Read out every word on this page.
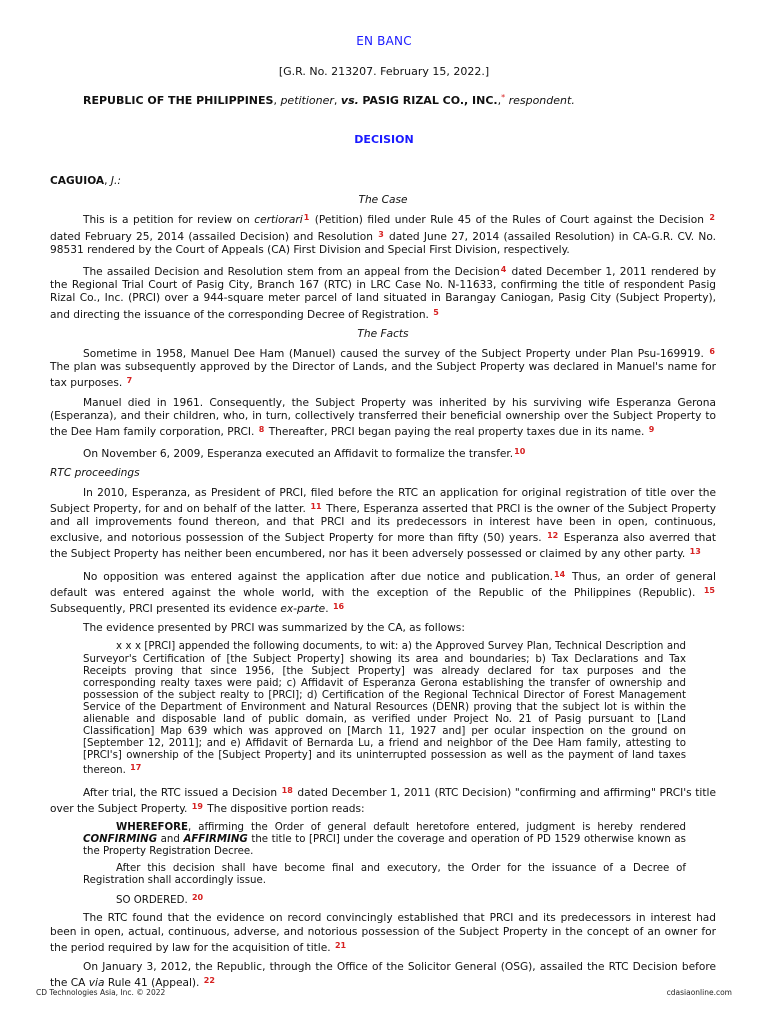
EN BANC
[G.R. No. 213207. February 15, 2022.]
REPUBLIC OF THE PHILIPPINES, petitioner, vs. PASIG RIZAL CO., INC.,* respondent.
DECISION

CAGUIOA, J.:

The Case

This is a petition for review on certiorari$^1$ (Petition) filed under Rule 45 of the Rules of Court against the Decision $^2$ dated February 25, 2014 (assailed Decision) and Resolution $^3$ dated June 27, 2014 (assailed Resolution) in CA-G.R. CV. No. 98531 rendered by the Court of Appeals (CA) First Division and Special First Division, respectively.

The assailed Decision and Resolution stem from an appeal from the Decision$^4$ dated December 1, 2011 rendered by the Regional Trial Court of Pasig City, Branch 167 (RTC) in LRC Case No. N-11633, confirming the title of respondent Pasig Rizal Co., Inc. (PRCI) over a 944-square meter parcel of land situated in Barangay Caniogan, Pasig City (Subject Property), and directing the issuance of the corresponding Decree of Registration. $^5$

The Facts

Sometime in 1958, Manuel Dee Ham (Manuel) caused the survey of the Subject Property under Plan Psu-169919. $^6$ The plan was subsequently approved by the Director of Lands, and the Subject Property was declared in Manuel's name for tax purposes. $^7$

Manuel died in 1961. Consequently, the Subject Property was inherited by his surviving wife Esperanza Gerona (Esperanza), and their children, who, in turn, collectively transferred their beneficial ownership over the Subject Property to the Dee Ham family corporation, PRCI. $^8$ Thereafter, PRCI began paying the real property taxes due in its name. $^9$

On November 6, 2009, Esperanza executed an Affidavit to formalize the transfer.$^{10}$

RTC proceedings

In 2010, Esperanza, as President of PRCI, filed before the RTC an application for original registration of title over the Subject Property, for and on behalf of the latter. $^{11}$ There, Esperanza asserted that PRCI is the owner of the Subject Property and all improvements found thereon, and that PRCI and its predecessors in interest have been in open, continuous, exclusive, and notorious possession of the Subject Property for more than fifty (50) years. $^{12}$ Esperanza also averred that the Subject Property has neither been encumbered, nor has it been adversely possessed or claimed by any other party. $^{13}$

No opposition was entered against the application after due notice and publication.$^{14}$ Thus, an order of general default was entered against the whole world, with the exception of the Republic of the Philippines (Republic). $^{15}$ Subsequently, PRCI presented its evidence ex-parte. $^{16}$

The evidence presented by PRCI was summarized by the CA, as follows:

x x x [PRCI] appended the following documents, to wit: a) the Approved Survey Plan, Technical Description and Surveyor's Certification of [the Subject Property] showing its area and boundaries; b) Tax Declarations and Tax Receipts proving that since 1956, [the Subject Property] was already declared for tax purposes and the corresponding realty taxes were paid; c) Affidavit of Esperanza Gerona establishing the transfer of ownership and possession of the subject realty to [PRCI]; d) Certification of the Regional Technical Director of Forest Management Service of the Department of Environment and Natural Resources (DENR) proving that the subject lot is within the alienable and disposable land of public domain, as verified under Project No. 21 of Pasig pursuant to [Land Classification] Map 639 which was approved on [March 11, 1927 and] per ocular inspection on the ground on [September 12, 2011]; and e) Affidavit of Bernarda Lu, a friend and neighbor of the Dee Ham family, attesting to [PRCI's] ownership of the [Subject Property] and its uninterrupted possession as well as the payment of land taxes thereon. $^{17}$

After trial, the RTC issued a Decision $^{18}$ dated December 1, 2011 (RTC Decision) "confirming and affirming" PRCI's title over the Subject Property. $^{19}$ The dispositive portion reads:

WHEREFORE, affirming the Order of general default heretofore entered, judgment is hereby rendered CONFIRMING and AFFIRMING the title to [PRCI] under the coverage and operation of PD 1529 otherwise known as the Property Registration Decree.

After this decision shall have become final and executory, the Order for the issuance of a Decree of Registration shall accordingly issue.

SO ORDERED. $^{20}$

The RTC found that the evidence on record convincingly established that PRCI and its predecessors in interest had been in open, actual, continuous, adverse, and notorious possession of the Subject Property in the concept of an owner for the period required by law for the acquisition of title. $^{21}$

On January 3, 2012, the Republic, through the Office of the Solicitor General (OSG), assailed the RTC Decision before the CA via Rule 41 (Appeal). $^{22}$

CD Technologies Asia, Inc. © 2022	cdasiaonline.com
